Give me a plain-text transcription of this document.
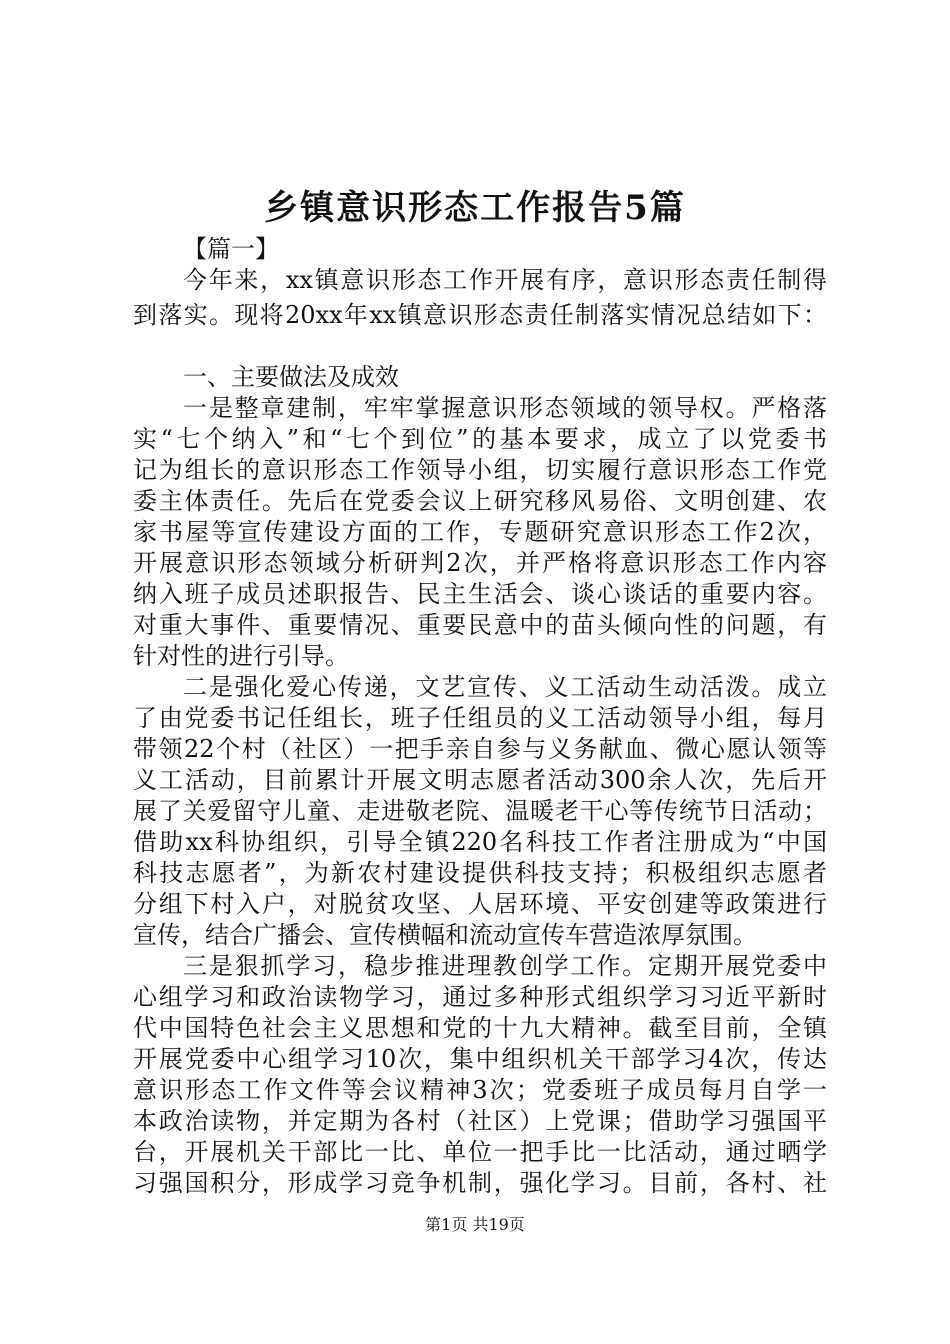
乡镇意识形态工作报告5篇
【篇一】
今年来，xx镇意识形态工作开展有序，意识形态责任制得
到落实。现将20xx年xx镇意识形态责任制落实情况总结如下：
一、主要做法及成效
一是整章建制，牢牢掌握意识形态领域的领导权。严格落
实“七个纳入”和“七个到位”的基本要求，成立了以党委书
记为组长的意识形态工作领导小组，切实履行意识形态工作党
委主体责任。先后在党委会议上研究移风易俗、文明创建、农
家书屋等宣传建设方面的工作，专题研究意识形态工作2次，
开展意识形态领域分析研判2次，并严格将意识形态工作内容
纳入班子成员述职报告、民主生活会、谈心谈话的重要内容。
对重大事件、重要情况、重要民意中的苗头倾向性的问题，有
针对性的进行引导。
二是强化爱心传递，文艺宣传、义工活动生动活泼。成立
了由党委书记任组长，班子任组员的义工活动领导小组，每月
带领22个村（社区）一把手亲自参与义务献血、微心愿认领等
义工活动，目前累计开展文明志愿者活动300余人次，先后开
展了关爱留守儿童、走进敬老院、温暖老干心等传统节日活动；
借助xx科协组织，引导全镇220名科技工作者注册成为“中国
科技志愿者”，为新农村建设提供科技支持；积极组织志愿者
分组下村入户，对脱贫攻坚、人居环境、平安创建等政策进行
宣传，结合广播会、宣传横幅和流动宣传车营造浓厚氛围。
三是狠抓学习，稳步推进理教创学工作。定期开展党委中
心组学习和政治读物学习，通过多种形式组织学习习近平新时
代中国特色社会主义思想和党的十九大精神。截至目前，全镇
开展党委中心组学习10次，集中组织机关干部学习4次，传达
意识形态工作文件等会议精神3次；党委班子成员每月自学一
本政治读物，并定期为各村（社区）上党课；借助学习强国平
台，开展机关干部比一比、单位一把手比一比活动，通过晒学
习强国积分，形成学习竞争机制，强化学习。目前，各村、社
第1页 共19页
